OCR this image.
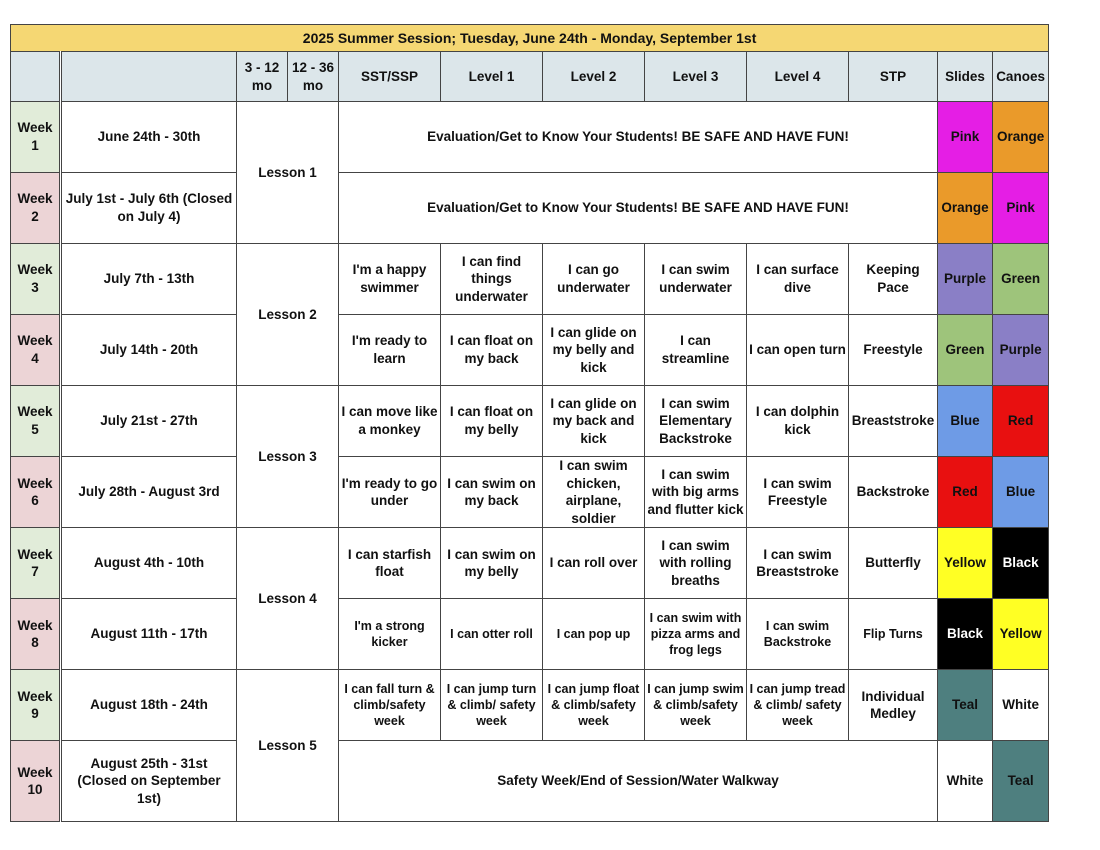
2025 Summer Session; Tuesday, June 24th - Monday, September 1st											
		3 - 12 mo	12 - 36 mo	SST/SSP	Level 1	Level 2	Level 3	Level 4	STP	Slides	Canoes
Week 1	June 24th - 30th	Lesson 1		Evaluation/Get to Know Your Students! BE SAFE AND HAVE FUN!						Pink	Orange
Week 2	July 1st - July 6th (Closed on July 4)			Evaluation/Get to Know Your Students! BE SAFE AND HAVE FUN!						Orange	Pink
Week 3	July 7th - 13th	Lesson 2		I'm a happy swimmer	I can find things underwater	I can go underwater	I can swim underwater	I can surface dive	Keeping Pace	Purple	Green
Week 4	July 14th - 20th			I'm ready to learn	I can float on my back	I can glide on my belly and kick	I can streamline	I can open turn	Freestyle	Green	Purple
Week 5	July 21st - 27th	Lesson 3		I can move like a monkey	I can float on my belly	I can glide on my back and kick	I can swim Elementary Backstroke	I can dolphin kick	Breaststroke	Blue	Red
Week 6	July 28th - August 3rd			I'm ready to go under	I can swim on my back	I can swim chicken, airplane, soldier	I can swim with big arms and flutter kick	I can swim Freestyle	Backstroke	Red	Blue
Week 7	August 4th - 10th	Lesson 4		I can starfish float	I can swim on my belly	I can roll over	I can swim with rolling breaths	I can swim Breaststroke	Butterfly	Yellow	Black
Week 8	August 11th - 17th			I'm a strong kicker	I can otter roll	I can pop up	I can swim with pizza arms and frog legs	I can swim Backstroke	Flip Turns	Black	Yellow
Week 9	August 18th - 24th	Lesson 5		I can fall turn & climb/safety week	I can jump turn & climb/ safety week	I can jump float & climb/safety week	I can jump swim & climb/safety week	I can jump tread & climb/ safety week	Individual Medley	Teal	White
Week 10	August 25th - 31st (Closed on September 1st)			Safety Week/End of Session/Water Walkway						White	Teal
